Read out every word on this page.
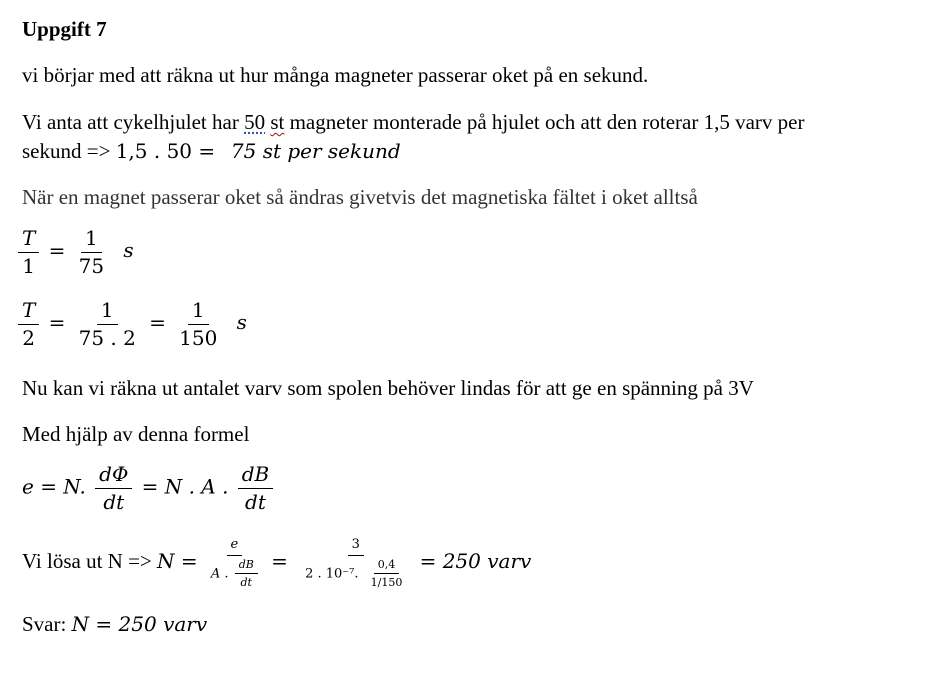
Uppgift 7
vi börjar med att räkna ut hur många magneter passerar oket på en sekund.
Vi anta att cykelhjulet har 50 st magneter monterade på hjulet och att den roterar 1,5 varv per
sekund => 1,5 . 50 = 75 st per sekund
När en magnet passerar oket så ändras givetvis det magnetiska fältet i oket alltså
$\frac{T}{1} = \frac{1}{75}$ s
$\frac{T}{2} = \frac{1}{75 . 2} = \frac{1}{150}$ s
Nu kan vi räkna ut antalet varv som spolen behöver lindas för att ge en spänning på 3V
Med hjälp av denna formel
e = N. $\frac{d\Phi}{dt} = N$ . A . $\frac{dB}{dt}$
Vi lösa ut $N => N = \frac{e}{A . \frac{dB}{dt}} = \frac{3}{2 . 10^{-7}. \frac{0,4}{1/150}} = 250$ varv
Svar: N = 250 varv
